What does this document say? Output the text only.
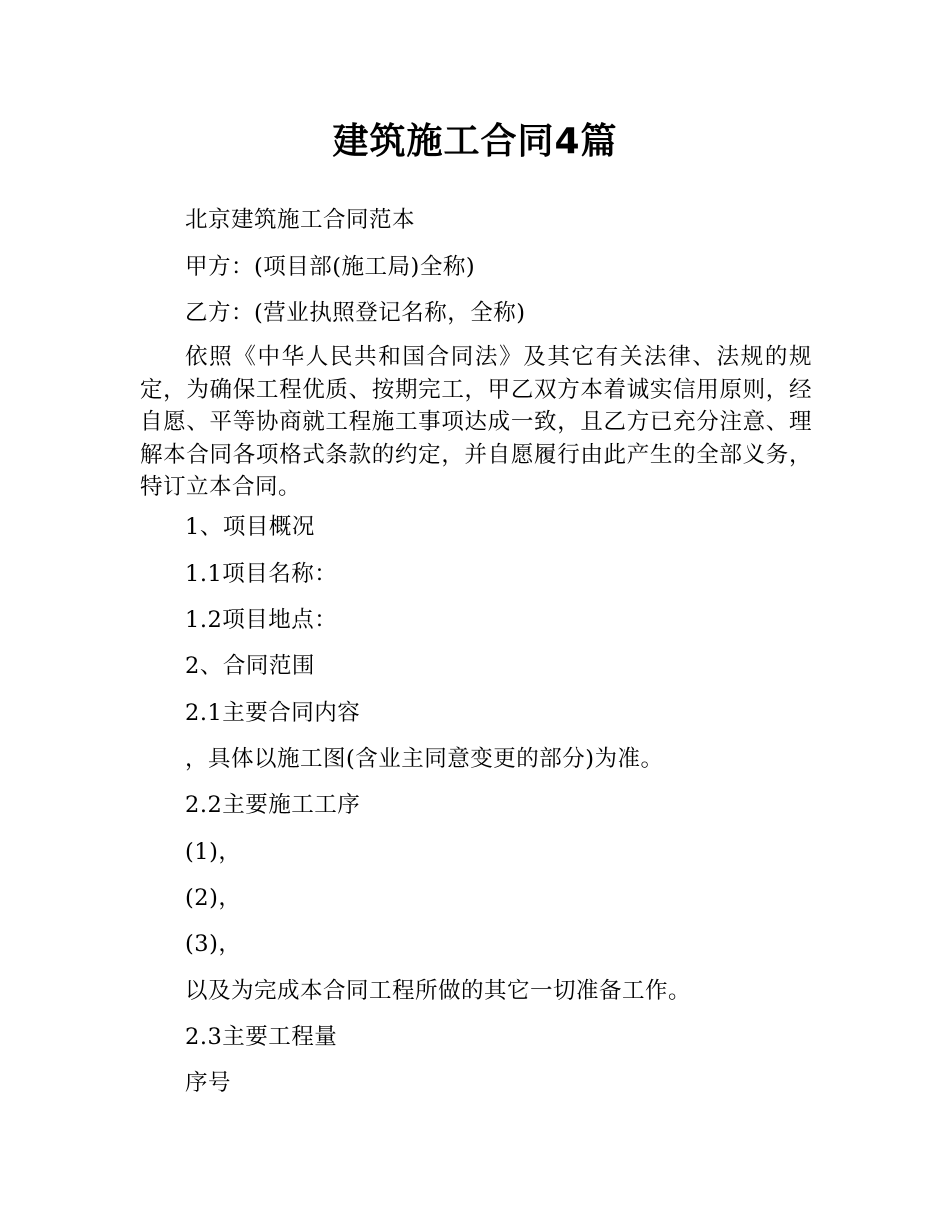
建筑施工合同4篇
北京建筑施工合同范本
甲方：(项目部(施工局)全称)
乙方：(营业执照登记名称，全称)
依照《中华人民共和国合同法》及其它有关法律、法规的规定，为确保工程优质、按期完工，甲乙双方本着诚实信用原则，经自愿、平等协商就工程施工事项达成一致，且乙方已充分注意、理解本合同各项格式条款的约定，并自愿履行由此产生的全部义务，特订立本合同。
1、项目概况
1.1项目名称：
1.2项目地点：
2、合同范围
2.1主要合同内容
，具体以施工图(含业主同意变更的部分)为准。
2.2主要施工工序
(1)，
(2)，
(3)，
以及为完成本合同工程所做的其它一切准备工作。
2.3主要工程量
序号
